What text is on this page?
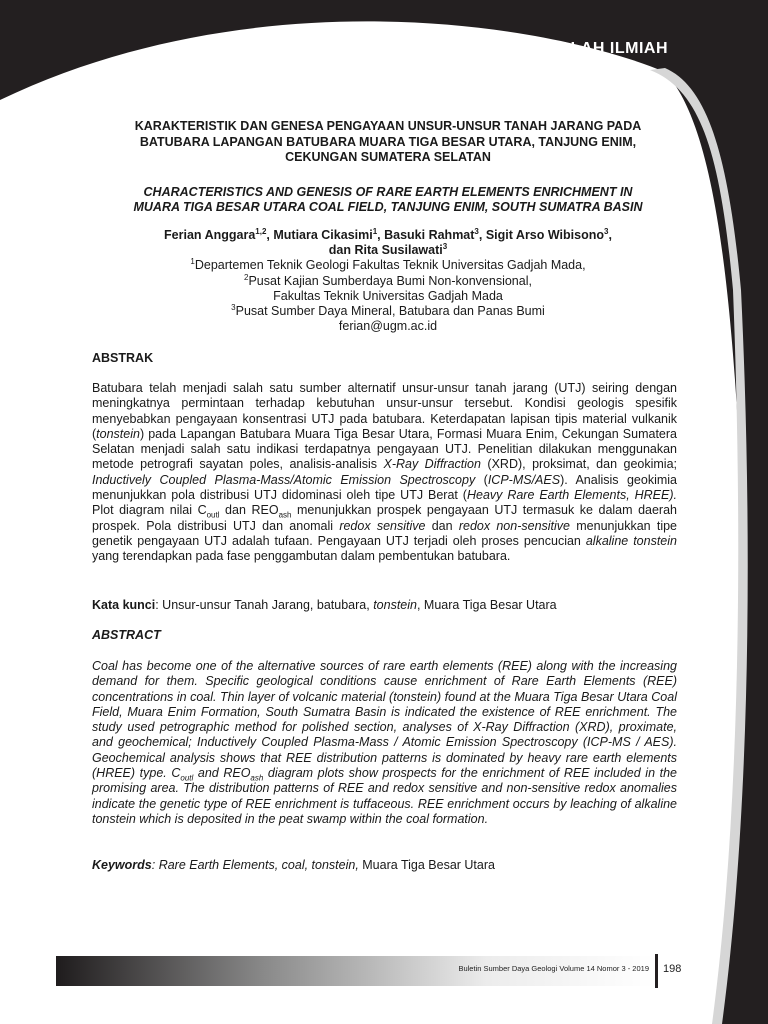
MAKALAH ILMIAH
KARAKTERISTIK DAN GENESA PENGAYAAN UNSUR-UNSUR TANAH JARANG PADA
BATUBARA LAPANGAN BATUBARA MUARA TIGA BESAR UTARA, TANJUNG ENIM,
CEKUNGAN SUMATERA SELATAN
CHARACTERISTICS AND GENESIS OF RARE EARTH ELEMENTS ENRICHMENT IN
MUARA TIGA BESAR UTARA COAL FIELD, TANJUNG ENIM, SOUTH SUMATRA BASIN
Ferian Anggara$^{1,2}$, Mutiara Cikasimi$^1$, Basuki Rahmat$^3$, Sigit Arso Wibisono$^3$,
dan Rita Susilawati$^3$
$^1$Departemen Teknik Geologi Fakultas Teknik Universitas Gadjah Mada,
$^2$Pusat Kajian Sumberdaya Bumi Non-konvensional,
Fakultas Teknik Universitas Gadjah Mada
$^3$Pusat Sumber Daya Mineral, Batubara dan Panas Bumi
ferian@ugm.ac.id
ABSTRAK
Batubara telah menjadi salah satu sumber alternatif unsur-unsur tanah jarang (UTJ) seiring dengan meningkatnya permintaan terhadap kebutuhan unsur-unsur tersebut. Kondisi geologis spesifik menyebabkan pengayaan konsentrasi UTJ pada batubara. Keterdapatan lapisan tipis material vulkanik (tonstein) pada Lapangan Batubara Muara Tiga Besar Utara, Formasi Muara Enim, Cekungan Sumatera Selatan menjadi salah satu indikasi terdapatnya pengayaan UTJ. Penelitian dilakukan menggunakan metode petrografi sayatan poles, analisis-analisis X-Ray Diffraction (XRD), proksimat, dan geokimia; Inductively Coupled Plasma-Mass/Atomic Emission Spectroscopy (ICP-MS/AES). Analisis geokimia menunjukkan pola distribusi UTJ didominasi oleh tipe UTJ Berat (Heavy Rare Earth Elements, HREE). Plot diagram nilai $C_{outl}$ dan $REO_{ash}$ menunjukkan prospek pengayaan UTJ termasuk ke dalam daerah prospek. Pola distribusi UTJ dan anomali redox sensitive dan redox non-sensitive menunjukkan tipe genetik pengayaan UTJ adalah tufaan. Pengayaan UTJ terjadi oleh proses pencucian alkaline tonstein yang terendapkan pada fase penggambutan dalam pembentukan batubara.
Kata kunci: Unsur-unsur Tanah Jarang, batubara, tonstein, Muara Tiga Besar Utara
ABSTRACT
Coal has become one of the alternative sources of rare earth elements (REE) along with the increasing demand for them. Specific geological conditions cause enrichment of Rare Earth Elements (REE) concentrations in coal. Thin layer of volcanic material (tonstein) found at the Muara Tiga Besar Utara Coal Field, Muara Enim Formation, South Sumatra Basin is indicated the existence of REE enrichment. The study used petrographic method for polished section, analyses of X-Ray Diffraction (XRD), proximate, and geochemical; Inductively Coupled Plasma-Mass / Atomic Emission Spectroscopy (ICP-MS / AES). Geochemical analysis shows that REE distribution patterns is dominated by heavy rare earth elements (HREE) type. $C_{outl}$ and $REO_{ash}$ diagram plots show prospects for the enrichment of REE included in the promising area. The distribution patterns of REE and redox sensitive and non-sensitive redox anomalies indicate the genetic type of REE enrichment is tuffaceous. REE enrichment occurs by leaching of alkaline tonstein which is deposited in the peat swamp within the coal formation.
Keywords: Rare Earth Elements, coal, tonstein, Muara Tiga Besar Utara
Buletin Sumber Daya Geologi Volume 14 Nomor 3 - 2019 198
